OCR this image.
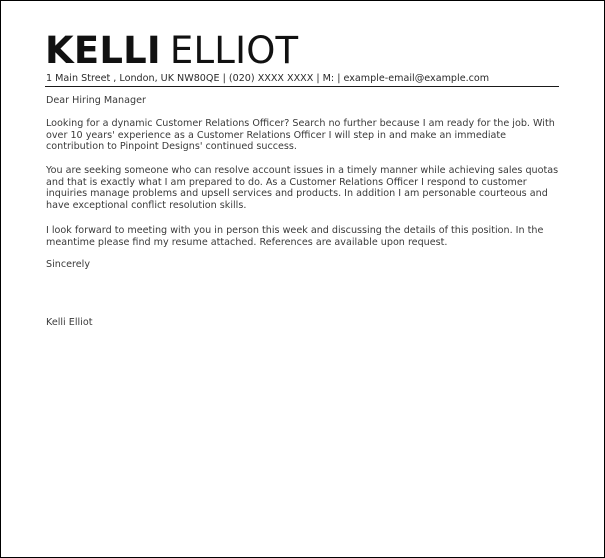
KELLI ELLIOT
1 Main Street , London, UK NW80QE | (020) XXXX XXXX | M: | example-email@example.com

Dear Hiring Manager

Looking for a dynamic Customer Relations Officer? Search no further because I am ready for the job. With over 10 years' experience as a Customer Relations Officer I will step in and make an immediate contribution to Pinpoint Designs' continued success.

You are seeking someone who can resolve account issues in a timely manner while achieving sales quotas and that is exactly what I am prepared to do. As a Customer Relations Officer I respond to customer inquiries manage problems and upsell services and products. In addition I am personable courteous and have exceptional conflict resolution skills.

I look forward to meeting with you in person this week and discussing the details of this position. In the meantime please find my resume attached. References are available upon request.

Sincerely

Kelli Elliot
